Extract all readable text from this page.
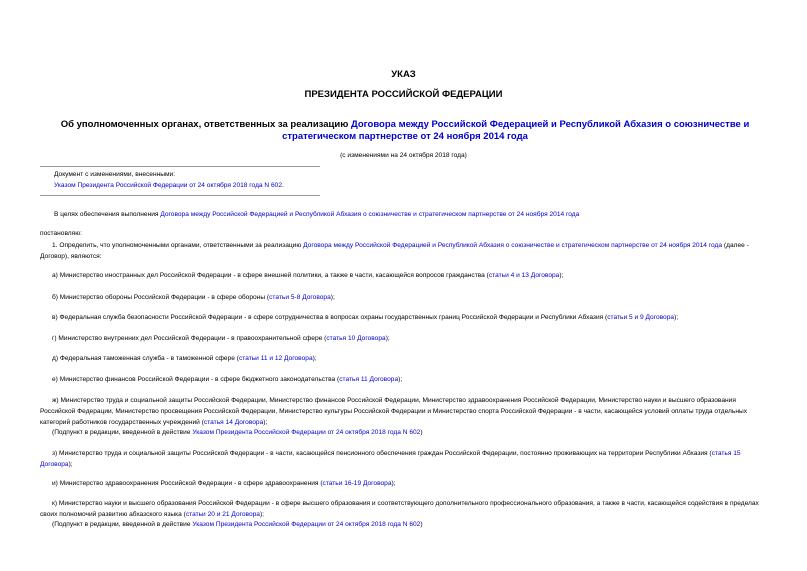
УКАЗ
ПРЕЗИДЕНТА РОССИЙСКОЙ ФЕДЕРАЦИИ
Об уполномоченных органах, ответственных за реализацию Договора между Российской Федерацией и Республикой Абхазия о союзничестве и стратегическом партнерстве от 24 ноября 2014 года
(с изменениями на 24 октября 2018 года)
Документ с изменениями, внесенными:
Указом Президента Российской Федерации от 24 октября 2018 года N 602.
В целях обеспечения выполнения Договора между Российской Федерацией и Республикой Абхазия о союзничестве и стратегическом партнерстве от 24 ноября 2014 года
постановляю:
1. Определить, что уполномоченными органами, ответственными за реализацию Договора между Российской Федерацией и Республикой Абхазия о союзничестве и стратегическом партнерстве от 24 ноября 2014 года (далее - Договор), являются:
а) Министерство иностранных дел Российской Федерации - в сфере внешней политики, а также в части, касающейся вопросов гражданства (статьи 4 и 13 Договора);
б) Министерство обороны Российской Федерации - в сфере обороны (статьи 5-8 Договора);
в) Федеральная служба безопасности Российской Федерации - в сфере сотрудничества в вопросах охраны государственных границ Российской Федерации и Республики Абхазия (статьи 5 и 9 Договора);
г) Министерство внутренних дел Российской Федерации - в правоохранительной сфере (статья 10 Договора);
д) Федеральная таможенная служба - в таможенной сфере (статьи 11 и 12 Договора);
е) Министерство финансов Российской Федерации - в сфере бюджетного законодательства (статья 11 Договора);
ж) Министерство труда и социальной защиты Российской Федерации, Министерство финансов Российской Федерации, Министерство здравоохранения Российской Федерации, Министерство науки и высшего образования Российской Федерации, Министерство просвещения Российской Федерации, Министерство культуры Российской Федерации и Министерство спорта Российской Федерации - в части, касающейся условий оплаты труда отдельных категорий работников государственных учреждений (статья 14 Договора);
(Подпункт в редакции, введенной в действие Указом Президента Российской Федерации от 24 октября 2018 года N 602)
з) Министерство труда и социальной защиты Российской Федерации - в части, касающейся пенсионного обеспечения граждан Российской Федерации, постоянно проживающих на территории Республики Абхазия (статья 15 Договора);
и) Министерство здравоохранения Российской Федерации - в сфере здравоохранения (статьи 16-19 Договора);
к) Министерство науки и высшего образования Российской Федерации - в сфере высшего образования и соответствующего дополнительного профессионального образования, а также в части, касающейся содействия в пределах своих полномочий развитию абхазского языка (статьи 20 и 21 Договора);
(Подпункт в редакции, введенной в действие Указом Президента Российской Федерации от 24 октября 2018 года N 602)
